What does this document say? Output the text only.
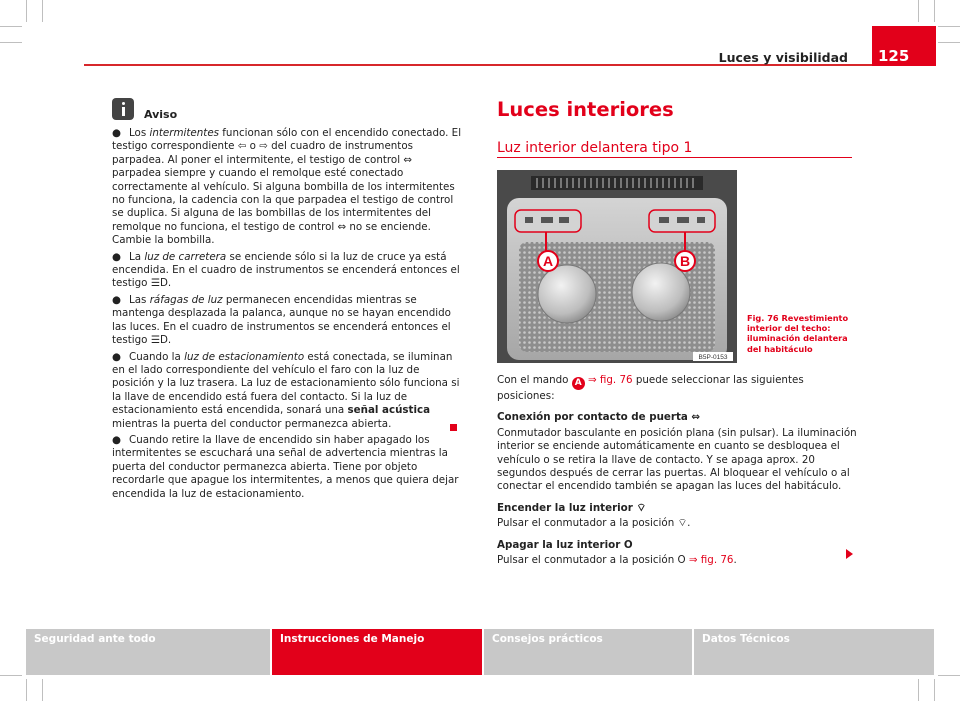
Luces y visibilidad	125
Aviso
● Los intermitentes funcionan sólo con el encendido conectado. El testigo correspondiente ⇦ o ⇨ del cuadro de instrumentos parpadea. Al poner el intermitente, el testigo de control ⇔ parpadea siempre y cuando el remolque esté conectado correctamente al vehículo. Si alguna bombilla de los intermitentes no funciona, la cadencia con la que parpadea el testigo de control se duplica. Si alguna de las bombillas de los intermitentes del remolque no funciona, el testigo de control ⇔ no se enciende. Cambie la bombilla.
● La luz de carretera se enciende sólo si la luz de cruce ya está encendida. En el cuadro de instrumentos se encenderá entonces el testigo ☰D.
● Las ráfagas de luz permanecen encendidas mientras se mantenga desplazada la palanca, aunque no se hayan encendido las luces. En el cuadro de instrumentos se encenderá entonces el testigo ☰D.
● Cuando la luz de estacionamiento está conectada, se iluminan en el lado correspondiente del vehículo el faro con la luz de posición y la luz trasera. La luz de estacionamiento sólo funciona si la llave de encendido está fuera del contacto. Si la luz de estacionamiento está encendida, sonará una señal acústica mientras la puerta del conductor permanezca abierta.
● Cuando retire la llave de encendido sin haber apagado los intermitentes se escuchará una señal de advertencia mientras la puerta del conductor permanezca abierta. Tiene por objeto recordarle que apague los intermitentes, a menos que quiera dejar encendida la luz de estacionamiento.
Luces interiores
Luz interior delantera tipo 1
A	B
B5P-0153
Fig. 76 Revestimiento interior del techo: iluminación delantera del habitáculo

Con el mando A ⇒ fig. 76 puede seleccionar las siguientes posiciones:

Conexión por contacto de puerta ⇔

Conmutador basculante en posición plana (sin pulsar). La iluminación interior se enciende automáticamente en cuanto se desbloquea el vehículo o se retira la llave de contacto. Y se apaga aprox. 20 segundos después de cerrar las puertas. Al bloquear el vehículo o al conectar el encendido también se apagan las luces del habitáculo.

Encender la luz interior ⌔

Pulsar el conmutador a la posición ⌔.

Apagar la luz interior O

Pulsar el conmutador a la posición O ⇒ fig. 76.

Seguridad ante todo	Instrucciones de Manejo	Consejos prácticos	Datos Técnicos
